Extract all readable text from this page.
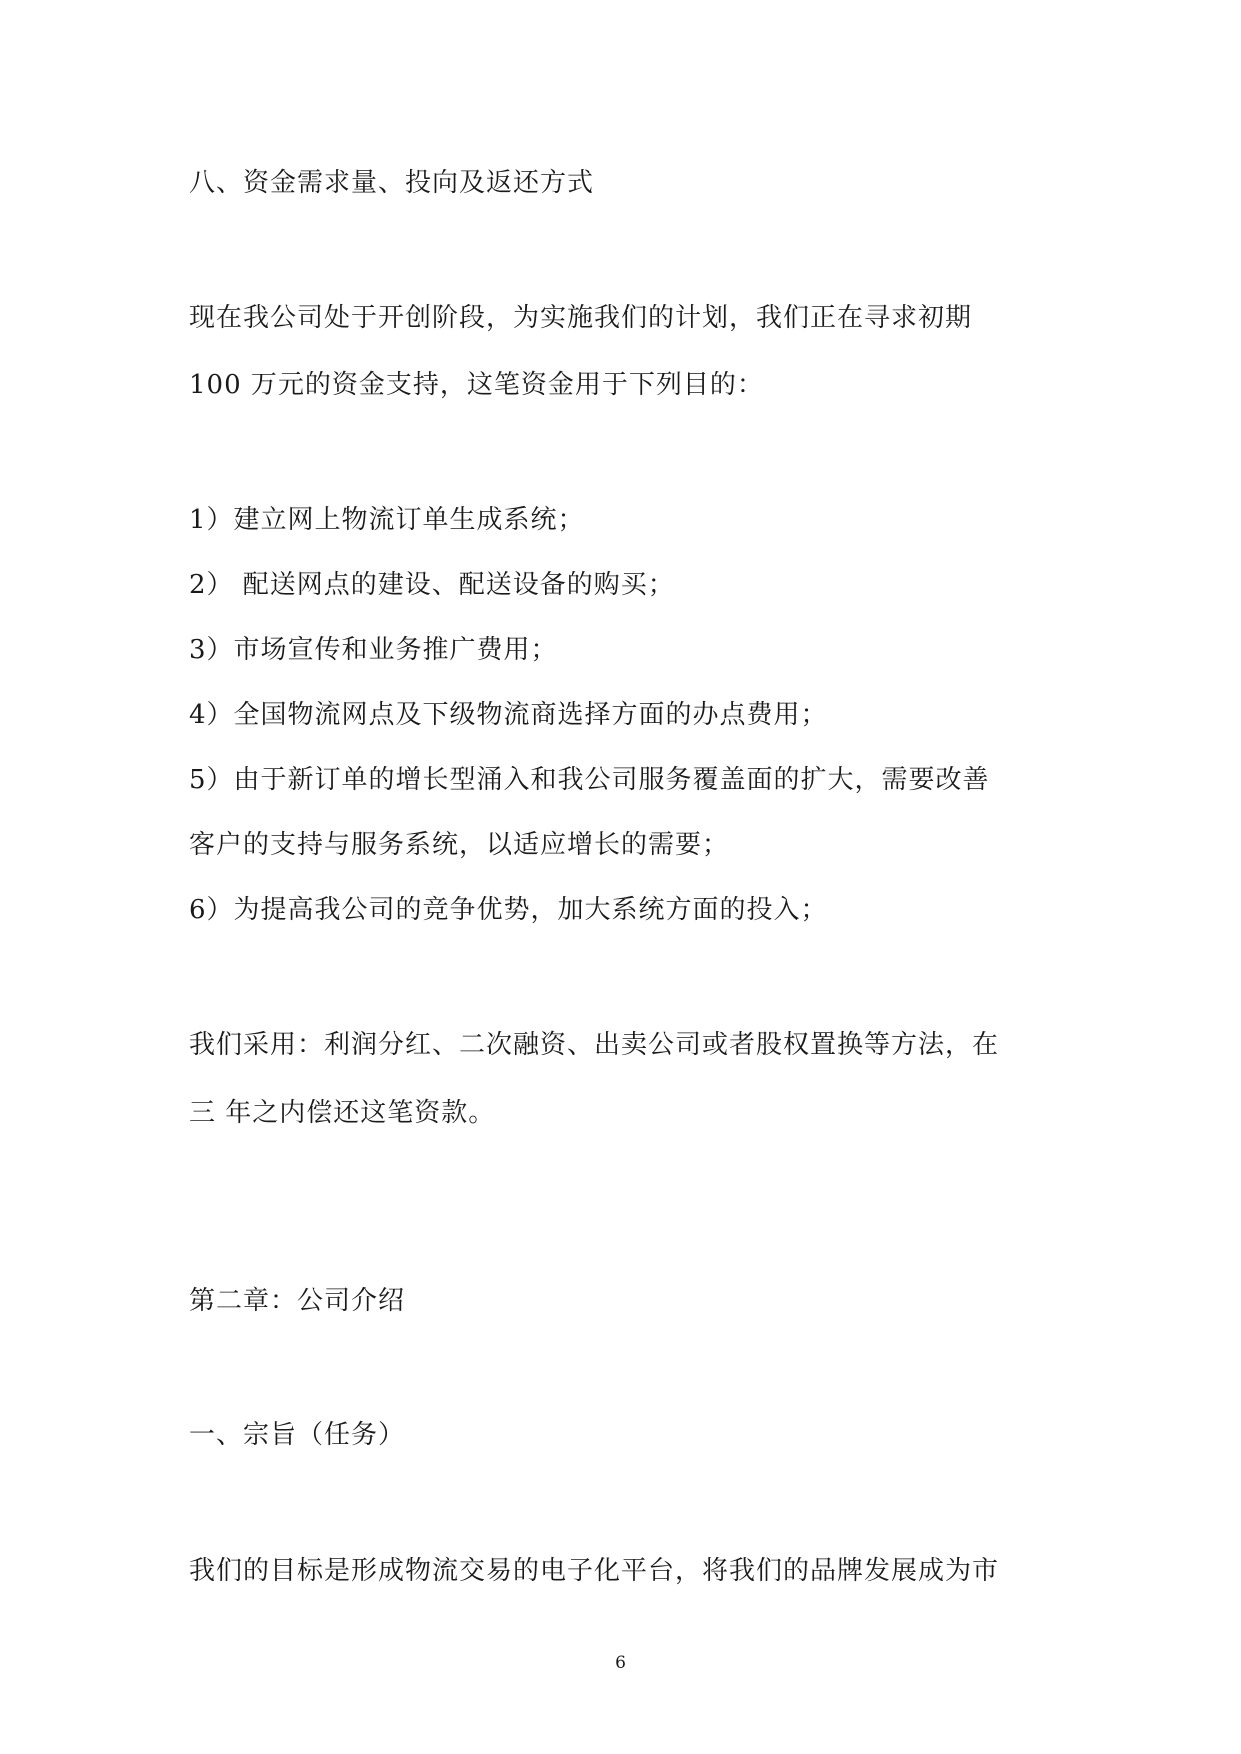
八、资金需求量、投向及返还方式
现在我公司处于开创阶段，为实施我们的计划，我们正在寻求初期
100 万元的资金支持，这笔资金用于下列目的：
1）建立网上物流订单生成系统；
2） 配送网点的建设、配送设备的购买；
3）市场宣传和业务推广费用；
4）全国物流网点及下级物流商选择方面的办点费用；
5）由于新订单的增长型涌入和我公司服务覆盖面的扩大，需要改善
客户的支持与服务系统，以适应增长的需要；
6）为提高我公司的竞争优势，加大系统方面的投入；
我们采用：利润分红、二次融资、出卖公司或者股权置换等方法，在
三 年之内偿还这笔资款。
第二章：公司介绍
一、宗旨（任务）
我们的目标是形成物流交易的电子化平台，将我们的品牌发展成为市
6
